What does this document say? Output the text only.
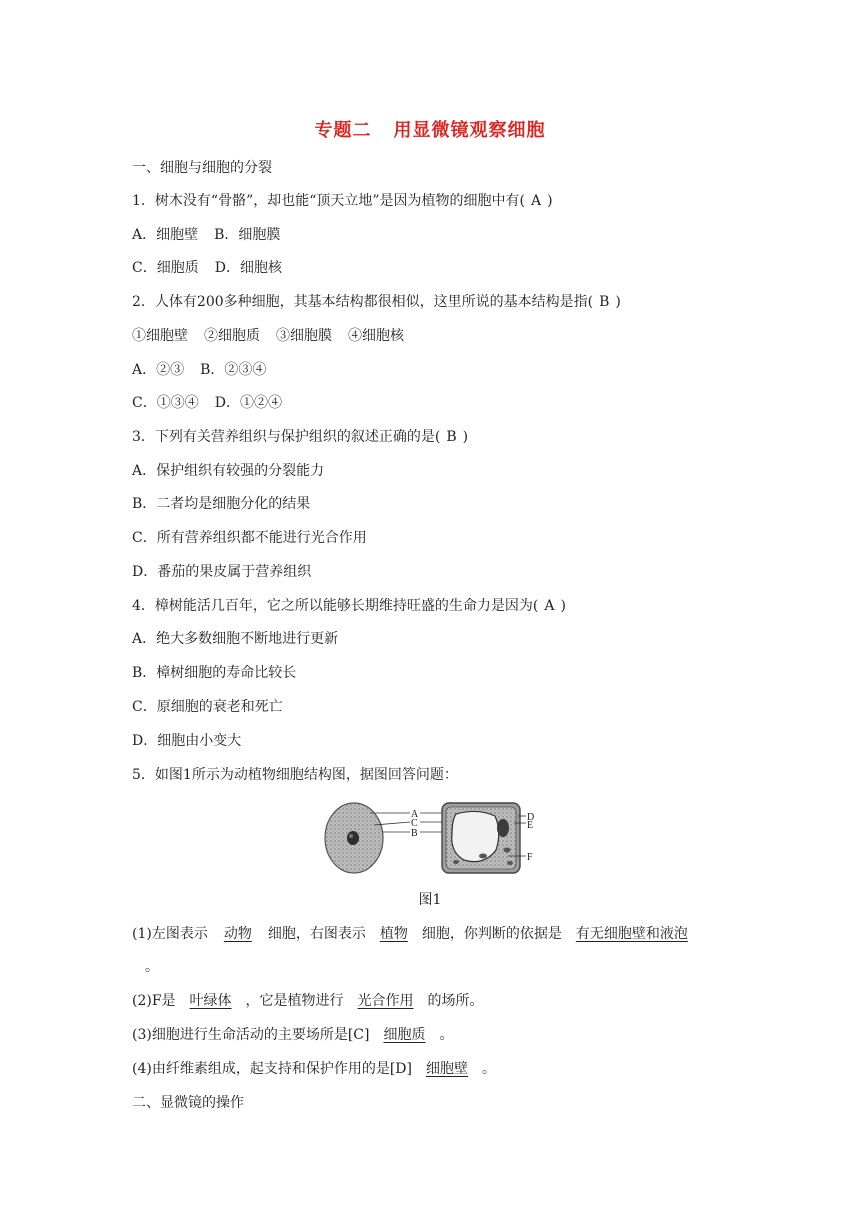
专题二 用显微镜观察细胞
一、细胞与细胞的分裂
1．树木没有“骨骼”，却也能“顶天立地”是因为植物的细胞中有( A )
A．细胞壁 B．细胞膜
C．细胞质 D．细胞核
2．人体有200多种细胞，其基本结构都很相似，这里所说的基本结构是指( B )
①细胞壁 ②细胞质 ③细胞膜 ④细胞核
A．②③ B．②③④
C．①③④ D．①②④
3．下列有关营养组织与保护组织的叙述正确的是( B )
A．保护组织有较强的分裂能力
B．二者均是细胞分化的结果
C．所有营养组织都不能进行光合作用
D．番茄的果皮属于营养组织
4．樟树能活几百年，它之所以能够长期维持旺盛的生命力是因为( A )
A．绝大多数细胞不断地进行更新
B．樟树细胞的寿命比较长
C．原细胞的衰老和死亡
D．细胞由小变大
5．如图1所示为动植物细胞结构图，据图回答问题：
A
C
B
D
E
F
图1
(1)左图表示 动物 细胞，右图表示 植物 细胞，你判断的依据是 有无细胞壁和液泡
。
(2)F是 叶绿体 ，它是植物进行 光合作用 的场所。
(3)细胞进行生命活动的主要场所是[C] 细胞质 。
(4)由纤维素组成，起支持和保护作用的是[D] 细胞壁 。
二、显微镜的操作
